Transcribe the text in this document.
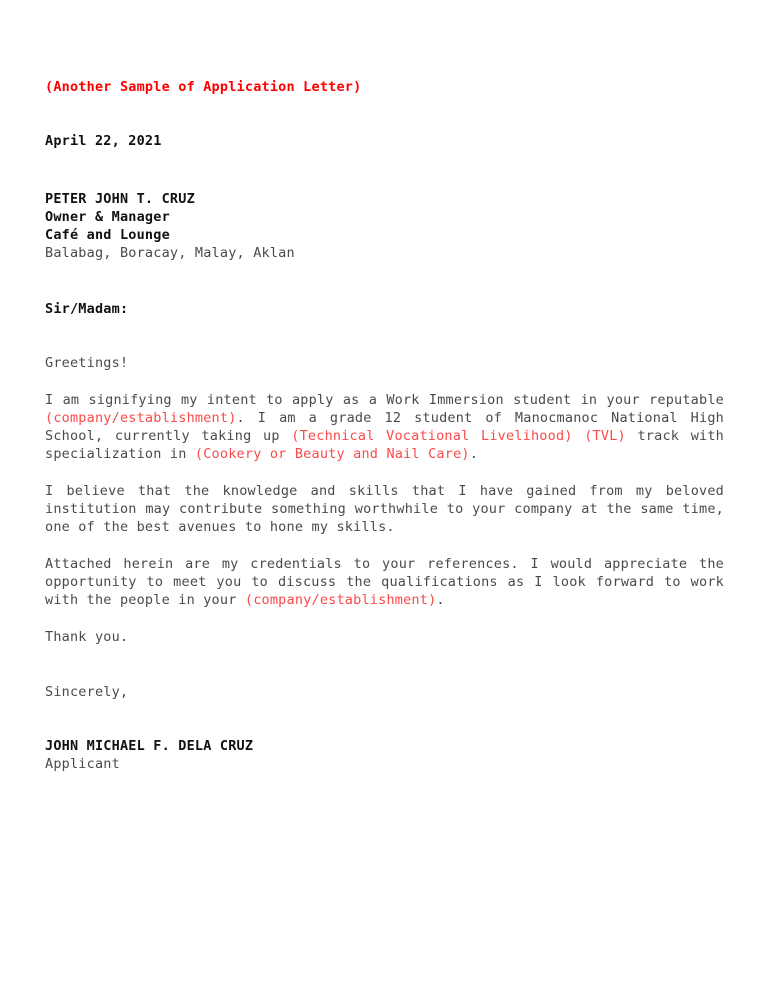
(Another Sample of Application Letter)

April 22, 2021

PETER JOHN T. CRUZ
Owner & Manager
Café and Lounge
Balabag, Boracay, Malay, Aklan

Sir/Madam:

Greetings!

I am signifying my intent to apply as a Work Immersion student in your reputable (company/establishment). I am a grade 12 student of Manocmanoc National High School, currently taking up (Technical Vocational Livelihood) (TVL) track with specialization in (Cookery or Beauty and Nail Care).

I believe that the knowledge and skills that I have gained from my beloved institution may contribute something worthwhile to your company at the same time, one of the best avenues to hone my skills.

Attached herein are my credentials to your references. I would appreciate the opportunity to meet you to discuss the qualifications as I look forward to work with the people in your (company/establishment).

Thank you.

Sincerely,

JOHN MICHAEL F. DELA CRUZ
Applicant
